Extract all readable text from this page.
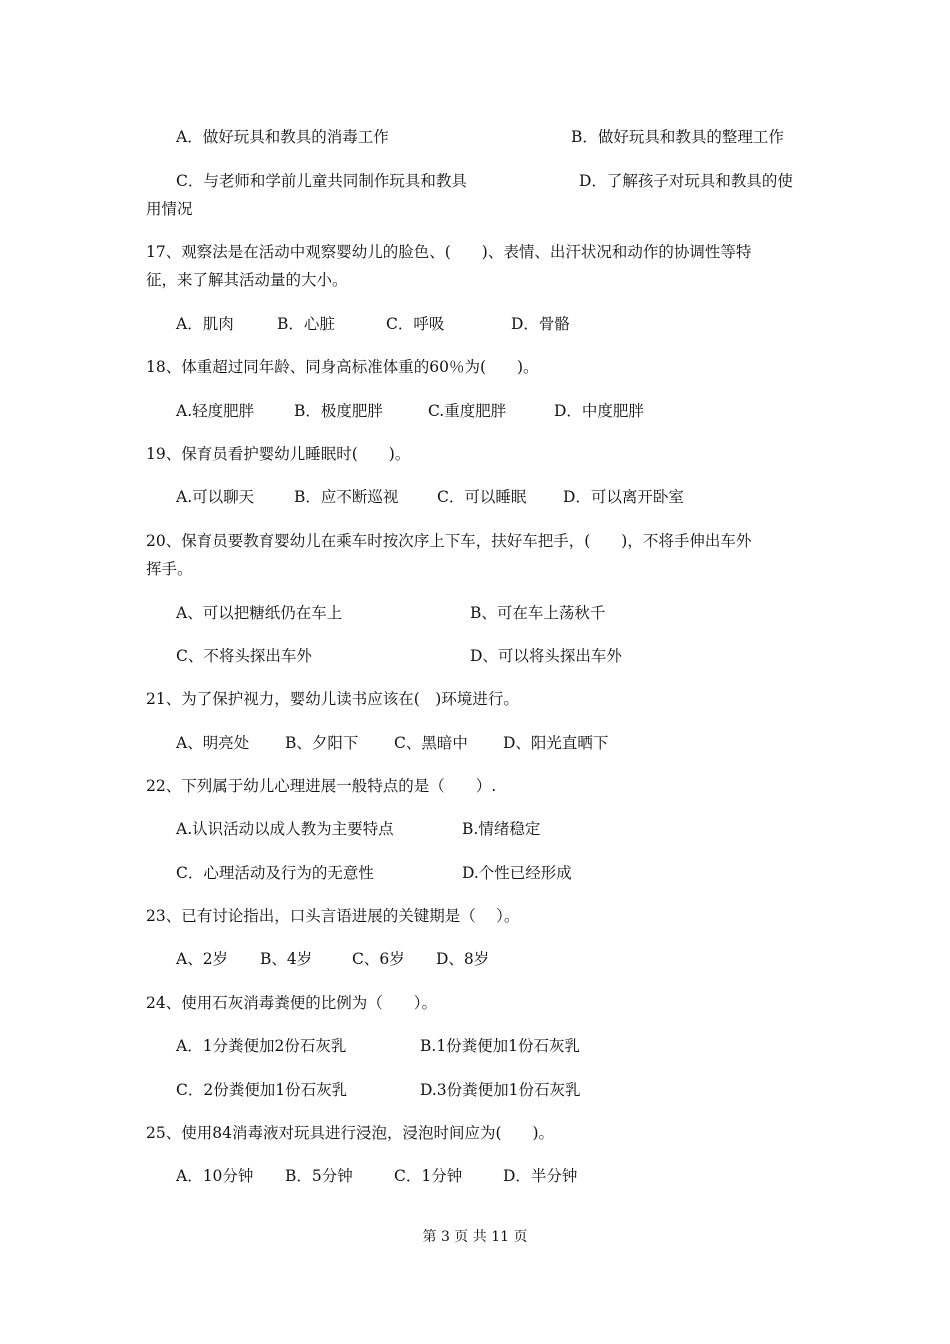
A．做好玩具和教具的消毒工作	B．做好玩具和教具的整理工作
C．与老师和学前儿童共同制作玩具和教具	D．了解孩子对玩具和教具的使
用情况
17、观察法是在活动中观察婴幼儿的脸色、(　　)、表情、出汗状况和动作的协调性等特
征，来了解其活动量的大小。
A．肌肉	B．心脏	C．呼吸	D．骨骼
18、体重超过同年龄、同身高标准体重的60％为(　　)。
A.轻度肥胖	B．极度肥胖	C.重度肥胖	D．中度肥胖
19、保育员看护婴幼儿睡眠时(　　)。
A.可以聊天	B．应不断巡视 C．可以睡眠 D．可以离开卧室
20、保育员要教育婴幼儿在乘车时按次序上下车，扶好车把手，(　　)，不将手伸出车外
挥手。
A、可以把糖纸仍在车上	B、可在车上荡秋千
C、不将头探出车外	D、可以将头探出车外
21、为了保护视力，婴幼儿读书应该在(　)环境进行。
A、明亮处 B、夕阳下 C、黑暗中 D、阳光直晒下
22、下列属于幼儿心理进展一般特点的是（　　）.
A.认识活动以成人教为主要特点	B.情绪稳定
C．心理活动及行为的无意性	D.个性已经形成
23、已有讨论指出，口头言语进展的关键期是（　 ）。
A、2岁 B、4岁	C、6岁 D、8岁
24、使用石灰消毒粪便的比例为（　　）。
A．1分粪便加2份石灰乳	B.1份粪便加1份石灰乳
C．2份粪便加1份石灰乳	D.3份粪便加1份石灰乳
25、使用84消毒液对玩具进行浸泡，浸泡时间应为(　　)。
A．10分钟 B．5分钟	C．1分钟	D．半分钟
第 3 页 共 11 页
